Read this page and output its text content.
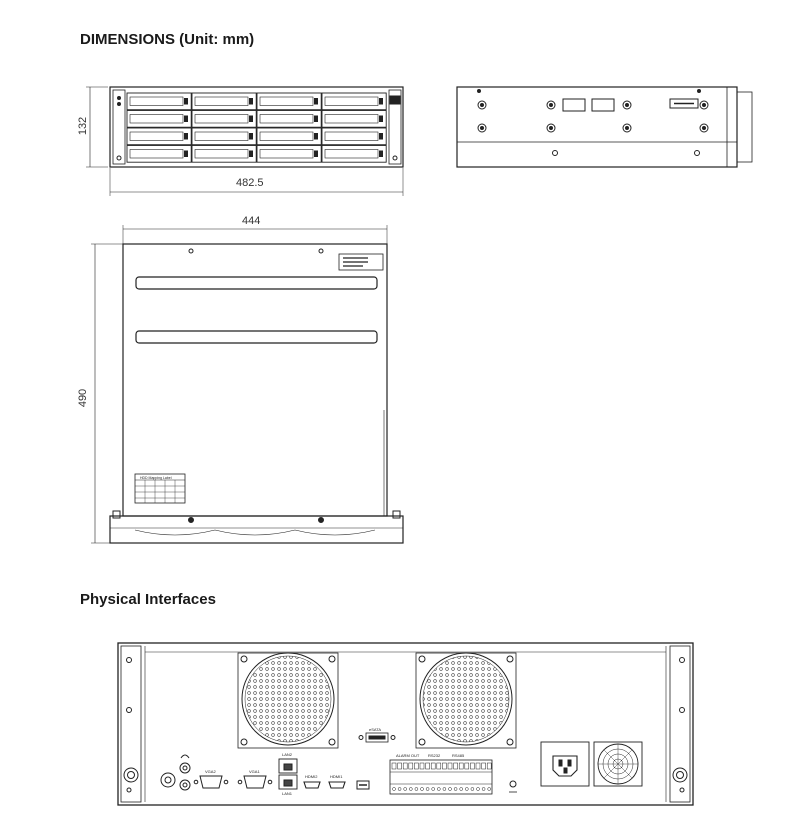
DIMENSIONS (Unit: mm)
Physical Interfaces
132
482.5
444
490
HDD Mapping Label
eSATA
LAN2
LAN1
VGA2	VGA1
HDMI2	HDMI1
ALARM OUT RS232	RS485
